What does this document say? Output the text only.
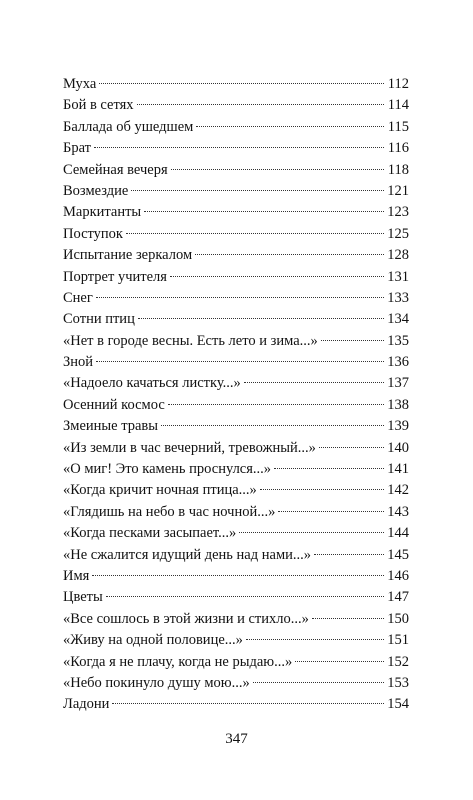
Муха	112
Бой в сетях	114
Баллада об ушедшем	115
Брат	116
Семейная вечеря	118
Возмездие	121
Маркитанты	123
Поступок	125
Испытание зеркалом	128
Портрет учителя	131
Снег	133
Сотни птиц	134
«Нет в городе весны. Есть лето и зима...»	135
Зной	136
«Надоело качаться листку...»	137
Осенний космос	138
Змеиные травы	139
«Из земли в час вечерний, тревожный...»	140
«О миг! Это камень проснулся...»	141
«Когда кричит ночная птица...»	142
«Глядишь на небо в час ночной...»	143
«Когда песками засыпает...»	144
«Не сжалится идущий день над нами...»	145
Имя	146
Цветы	147
«Все сошлось в этой жизни и стихло...»	150
«Живу на одной половице...»	151
«Когда я не плачу, когда не рыдаю...»	152
«Небо покинуло душу мою...»	153
Ладони	154
347
